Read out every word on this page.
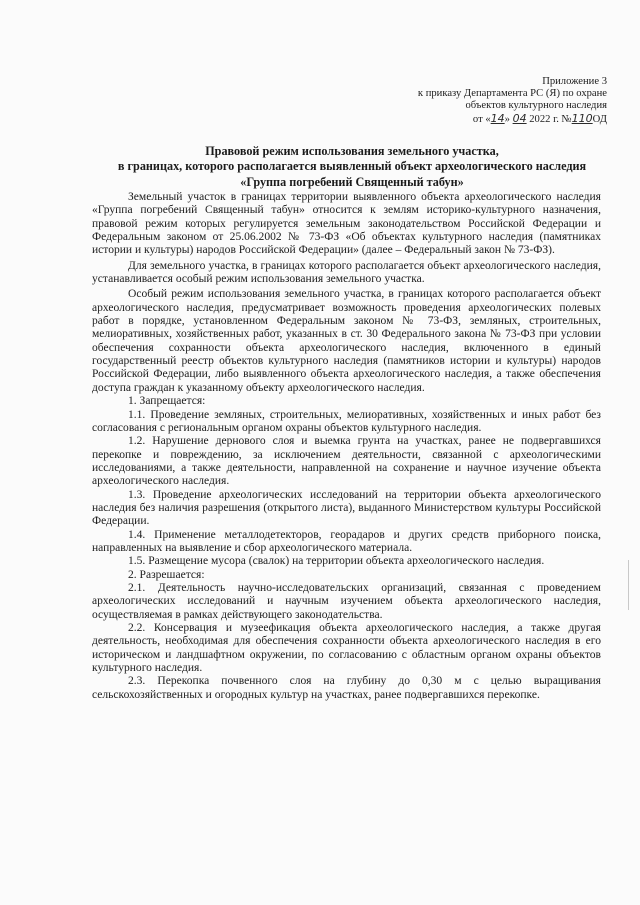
Приложение 3
к приказу Департамента РС (Я) по охране
объектов культурного наследия
от «14» 04 2022 г. №110ОД
Правовой режим использования земельного участка,
в границах, которого располагается выявленный объект археологического наследия
«Группа погребений Священный табун»

Земельный участок в границах территории выявленного объекта археологического наследия «Группа погребений Священный табун» относится к землям историко-культурного назначения, правовой режим которых регулируется земельным законодательством Российской Федерации и Федеральным законом от 25.06.2002 № 73-ФЗ «Об объектах культурного наследия (памятниках истории и культуры) народов Российской Федерации» (далее – Федеральный закон № 73-ФЗ).

Для земельного участка, в границах которого располагается объект археологического наследия, устанавливается особый режим использования земельного участка.

Особый режим использования земельного участка, в границах которого располагается объект археологического наследия, предусматривает возможность проведения археологических полевых работ в порядке, установленном Федеральным законом № 73-ФЗ, земляных, строительных, мелиоративных, хозяйственных работ, указанных в ст. 30 Федерального закона № 73-ФЗ при условии обеспечения сохранности объекта археологического наследия, включенного в единый государственный реестр объектов культурного наследия (памятников истории и культуры) народов Российской Федерации, либо выявленного объекта археологического наследия, а также обеспечения доступа граждан к указанному объекту археологического наследия.

1. Запрещается:

1.1. Проведение земляных, строительных, мелиоративных, хозяйственных и иных работ без согласования с региональным органом охраны объектов культурного наследия.

1.2. Нарушение дернового слоя и выемка грунта на участках, ранее не подвергавшихся перекопке и повреждению, за исключением деятельности, связанной с археологическими исследованиями, а также деятельности, направленной на сохранение и научное изучение объекта археологического наследия.

1.3. Проведение археологических исследований на территории объекта археологического наследия без наличия разрешения (открытого листа), выданного Министерством культуры Российской Федерации.

1.4. Применение металлодетекторов, георадаров и других средств приборного поиска, направленных на выявление и сбор археологического материала.

1.5. Размещение мусора (свалок) на территории объекта археологического наследия.

2. Разрешается:

2.1. Деятельность научно-исследовательских организаций, связанная с проведением археологических исследований и научным изучением объекта археологического наследия, осуществляемая в рамках действующего законодательства.

2.2. Консервация и музеефикация объекта археологического наследия, а также другая деятельность, необходимая для обеспечения сохранности объекта археологического наследия в его историческом и ландшафтном окружении, по согласованию с областным органом охраны объектов культурного наследия.

2.3. Перекопка почвенного слоя на глубину до 0,30 м с целью выращивания сельскохозяйственных и огородных культур на участках, ранее подвергавшихся перекопке.
